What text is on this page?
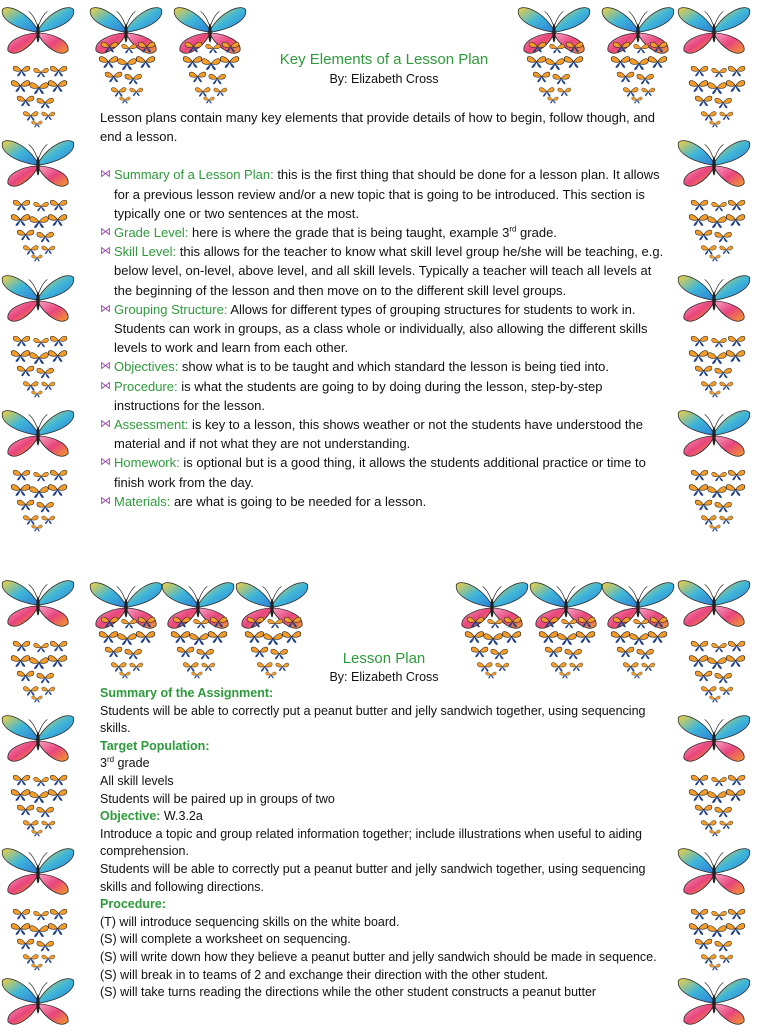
Key Elements of a Lesson Plan
By: Elizabeth Cross

Lesson plans contain many key elements that provide details of how to begin, follow though, and end a lesson.

⋈ Summary of a Lesson Plan: this is the first thing that should be done for a lesson plan. It allows for a previous lesson review and/or a new topic that is going to be introduced. This section is typically one or two sentences at the most.

⋈ Grade Level: here is where the grade that is being taught, example 3rd grade.

⋈ Skill Level: this allows for the teacher to know what skill level group he/she will be teaching, e.g. below level, on-level, above level, and all skill levels. Typically a teacher will teach all levels at the beginning of the lesson and then move on to the different skill level groups.

⋈ Grouping Structure: Allows for different types of grouping structures for students to work in. Students can work in groups, as a class whole or individually, also allowing the different skills levels to work and learn from each other.

⋈ Objectives: show what is to be taught and which standard the lesson is being tied into.

⋈ Procedure: is what the students are going to by doing during the lesson, step-by-step instructions for the lesson.

⋈ Assessment: is key to a lesson, this shows weather or not the students have understood the material and if not what they are not understanding.

⋈ Homework: is optional but is a good thing, it allows the students additional practice or time to finish work from the day.

⋈ Materials: are what is going to be needed for a lesson.

Lesson Plan
By: Elizabeth Cross

Summary of the Assignment:

Students will be able to correctly put a peanut butter and jelly sandwich together, using sequencing skills.

Target Population:

3rd grade

All skill levels

Students will be paired up in groups of two

Objective: W.3.2a

Introduce a topic and group related information together; include illustrations when useful to aiding comprehension.

Students will be able to correctly put a peanut butter and jelly sandwich together, using sequencing skills and following directions.

Procedure:

(T) will introduce sequencing skills on the white board.

(S) will complete a worksheet on sequencing.

(S) will write down how they believe a peanut butter and jelly sandwich should be made in sequence.

(S) will break in to teams of 2 and exchange their direction with the other student.

(S) will take turns reading the directions while the other student constructs a peanut butter
